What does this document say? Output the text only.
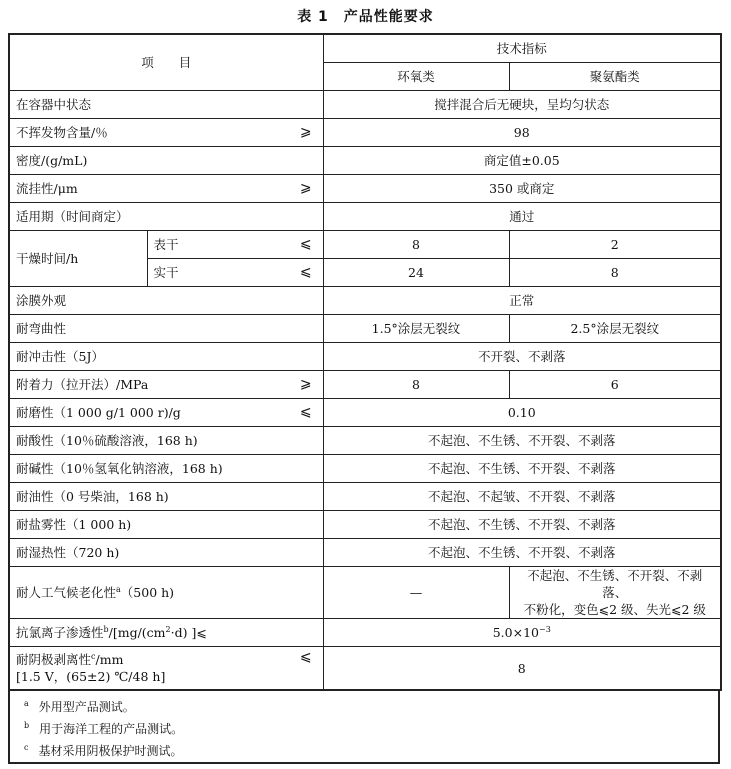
表 1　产品性能要求
项　　目			技术指标	
			环氧类	聚氨酯类
在容器中状态			搅拌混合后无硬块，呈均匀状态	
不挥发物含量/％		⩾	98	
密度/(g/mL)			商定值±0.05	
流挂性/μm		⩾	350 或商定	
适用期（时间商定）			通过	
干燥时间/h	表干	⩽	8	2
	实干	⩽	24	8
涂膜外观			正常	
耐弯曲性			1.5°涂层无裂纹	2.5°涂层无裂纹
耐冲击性（5J）			不开裂、不剥落	
附着力（拉开法）/MPa		⩾	8	6
耐磨性（1 000 g/1 000 r)/g		⩽	0.10	
耐酸性（10％硫酸溶液，168 h)			不起泡、不生锈、不开裂、不剥落	
耐碱性（10％氢氧化钠溶液，168 h)			不起泡、不生锈、不开裂、不剥落	
耐油性（0 号柴油，168 h)			不起泡、不起皱、不开裂、不剥落	
耐盐雾性（1 000 h)			不起泡、不生锈、不开裂、不剥落	
耐湿热性（720 h)			不起泡、不生锈、不开裂、不剥落	
耐人工气候老化性$^a$（500 h)			—	不起泡、不生锈、不开裂、不剥落、
不粉化，变色⩽2 级、失光⩽2 级

抗氯离子渗透性$^b/[mg/(cm^2\cdot d)$ ]⩽			$5.0\times 10^{-3}$

耐阴极剥离性$^c$/mm
[1.5 V，(65±2) ℃/48 h]		⩽	8	
$^a$ 外用型产品测试。
$^b$ 用于海洋工程的产品测试。
$^c$ 基材采用阴极保护时测试。
